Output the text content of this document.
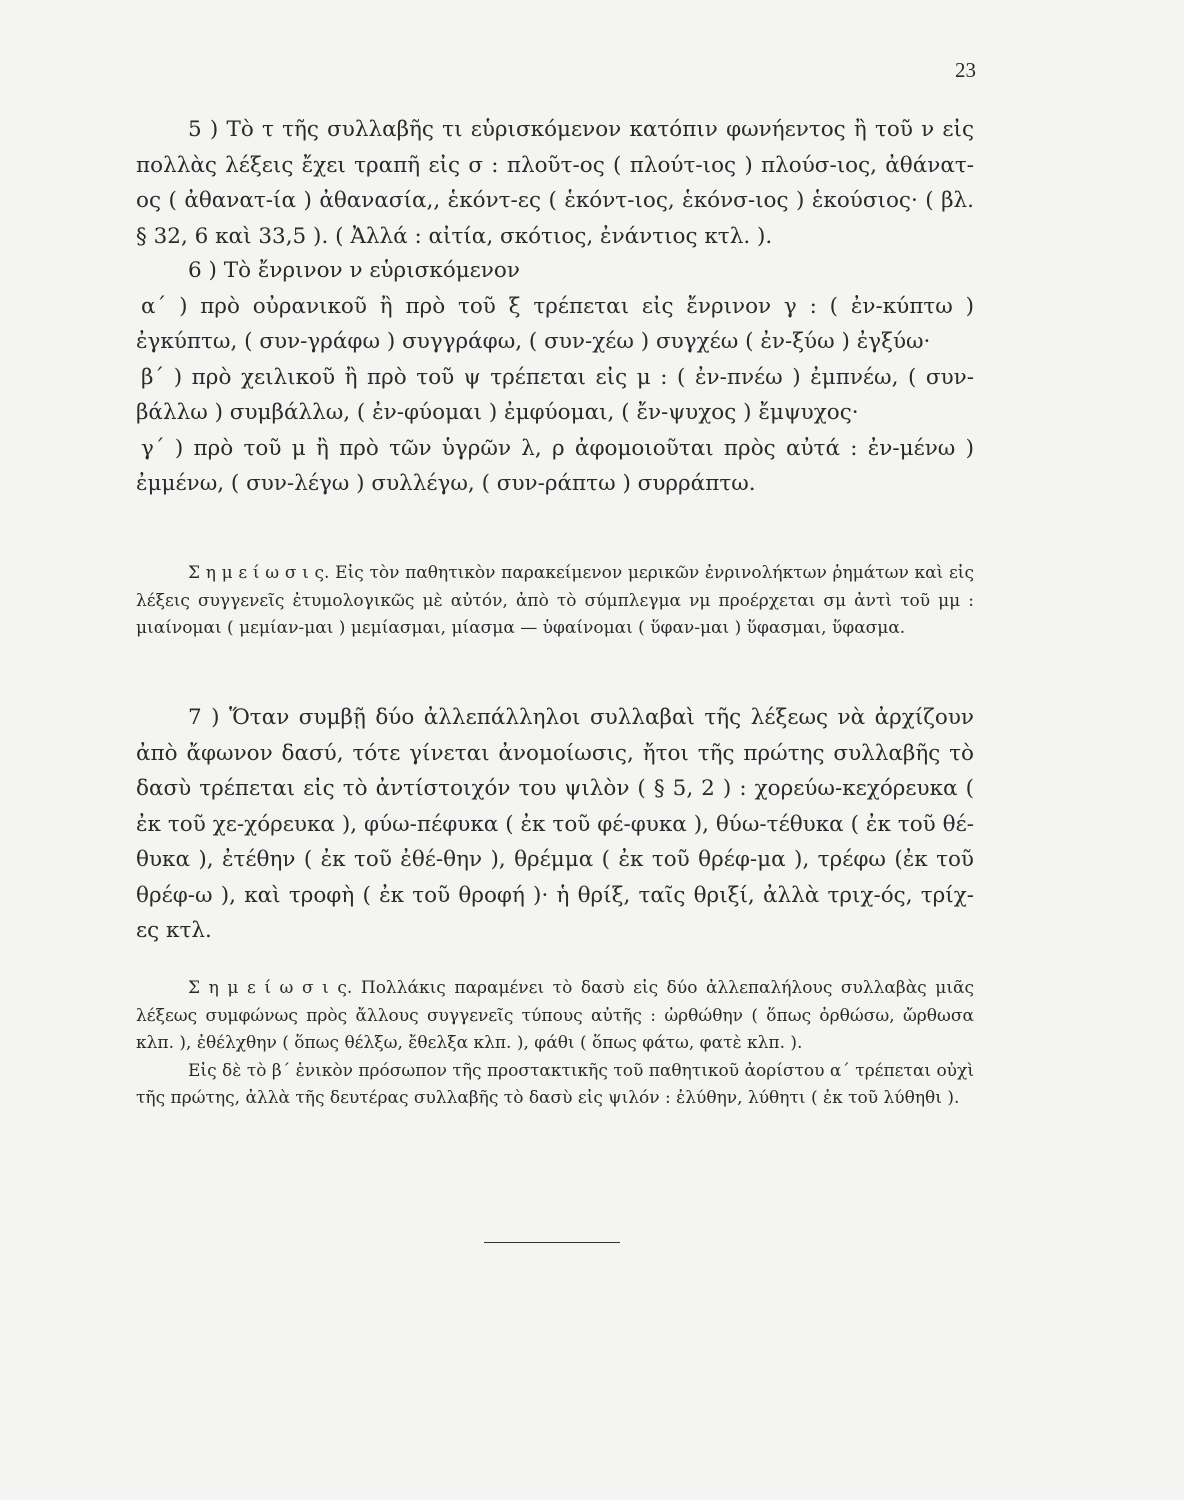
23

5 ) Τὸ τ τῆς συλλαβῆς τι εὑρισκόμενον κατόπιν φωνήεντος ἢ τοῦ ν εἰς πολλὰς λέξεις ἔχει τραπῆ εἰς σ : πλοῦτ-ος ( πλούτ-ιος ) πλούσ-ιος, ἀθάνατ-ος ( ἀθανατ-ία ) ἀθανασία,, ἑκόντ-ες ( ἑκόντ-ιος, ἑκόνσ-ιος ) ἑκούσιος· ( βλ. § 32, 6 καὶ 33,5 ). ( Ἀλλά : αἰτία, σκότιος, ἐνάντιος κτλ. ).

6 ) Τὸ ἔνρινον ν εὑρισκόμενον

α΄ ) πρὸ οὐρανικοῦ ἢ πρὸ τοῦ ξ τρέπεται εἰς ἔνρινον γ : ( ἐν-κύπτω ) ἐγκύπτω, ( συν-γράφω ) συγγράφω, ( συν-χέω ) συγχέω ( ἐν-ξύω ) ἐγξύω·

β΄ ) πρὸ χειλικοῦ ἢ πρὸ τοῦ ψ τρέπεται εἰς μ : ( ἐν-πνέω ) ἐμπνέω, ( συν-βάλλω ) συμβάλλω, ( ἐν-φύομαι ) ἐμφύομαι, ( ἔν-ψυχος ) ἔμψυχος·

γ΄ ) πρὸ τοῦ μ ἢ πρὸ τῶν ὑγρῶν λ, ρ ἀφομοιοῦται πρὸς αὐτά : ἐν-μένω ) ἐμμένω, ( συν-λέγω ) συλλέγω, ( συν-ράπτω ) συρράπτω.

Σ η μ ε ί ω σ ι ς. Εἰς τὸν παθητικὸν παρακείμενον μερικῶν ἐνρινολήκτων ῥημάτων καὶ εἰς λέξεις συγγενεῖς ἐτυμολογικῶς μὲ αὐτόν, ἀπὸ τὸ σύμπλεγμα νμ προέρχεται σμ ἀντὶ τοῦ μμ : μιαίνομαι ( μεμίαν-μαι ) μεμίασμαι, μίασμα — ὑφαίνομαι ( ὕφαν-μαι ) ὕφασμαι, ὕφασμα.

7 ) Ὅταν συμβῇ δύο ἀλλεπάλληλοι συλλαβαὶ τῆς λέξεως νὰ ἀρχίζουν ἀπὸ ἄφωνον δασύ, τότε γίνεται ἀνομοίωσις, ἤτοι τῆς πρώτης συλλαβῆς τὸ δασὺ τρέπεται εἰς τὸ ἀντίστοιχόν του ψιλὸν ( § 5, 2 ) : χορεύω-κεχόρευκα ( ἐκ τοῦ χε-χόρευκα ), φύω-πέφυκα ( ἐκ τοῦ φέ-φυκα ), θύω-τέθυκα ( ἐκ τοῦ θέ-θυκα ), ἐτέθην ( ἐκ τοῦ ἐθέ-θην ), θρέμμα ( ἐκ τοῦ θρέφ-μα ), τρέφω (ἐκ τοῦ θρέφ-ω ), καὶ τροφὴ ( ἐκ τοῦ θροφή )· ἡ θρίξ, ταῖς θριξί, ἀλλὰ τριχ-ός, τρίχ-ες κτλ.

Σ η μ ε ί ω σ ι ς. Πολλάκις παραμένει τὸ δασὺ εἰς δύο ἀλλεπαλήλους συλλαβὰς μιᾶς λέξεως συμφώνως πρὸς ἄλλους συγγενεῖς τύπους αὐτῆς : ὠρθώθην ( ὅπως ὀρθώσω, ὤρθωσα κλπ. ), ἐθέλχθην ( ὅπως θέλξω, ἔθελξα κλπ. ), φάθι ( ὅπως φάτω, φατὲ κλπ. ).

Εἰς δὲ τὸ β΄ ἑνικὸν πρόσωπον τῆς προστακτικῆς τοῦ παθητικοῦ ἀορίστου α΄ τρέπεται οὐχὶ τῆς πρώτης, ἀλλὰ τῆς δευτέρας συλλαβῆς τὸ δασὺ εἰς ψιλόν : ἐλύθην, λύθητι ( ἐκ τοῦ λύθηθι ).
